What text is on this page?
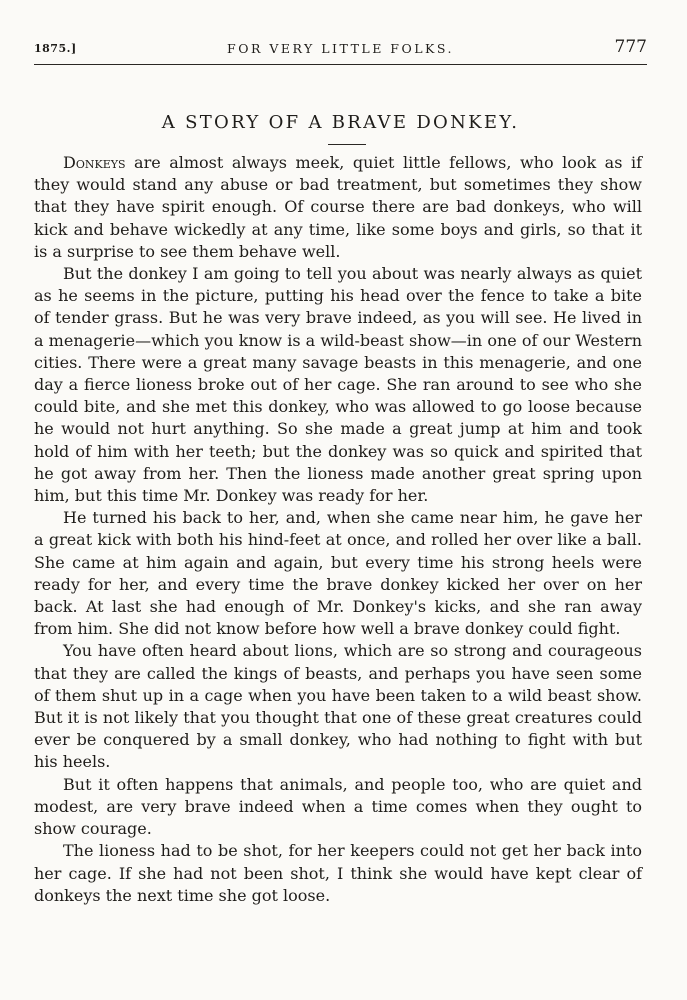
1875.]	FOR VERY LITTLE FOLKS.	777
A STORY OF A BRAVE DONKEY.

Donkeys are almost always meek, quiet little fellows, who look as if they would stand any abuse or bad treatment, but sometimes they show that they have spirit enough. Of course there are bad donkeys, who will kick and behave wickedly at any time, like some boys and girls, so that it is a surprise to see them behave well.

But the donkey I am going to tell you about was nearly always as quiet as he seems in the picture, putting his head over the fence to take a bite of tender grass. But he was very brave indeed, as you will see. He lived in a menagerie—which you know is a wild-beast show—in one of our Western cities. There were a great many savage beasts in this menagerie, and one day a fierce lioness broke out of her cage. She ran around to see who she could bite, and she met this donkey, who was allowed to go loose because he would not hurt anything. So she made a great jump at him and took hold of him with her teeth; but the donkey was so quick and spirited that he got away from her. Then the lioness made another great spring upon him, but this time Mr. Donkey was ready for her.

He turned his back to her, and, when she came near him, he gave her a great kick with both his hind-feet at once, and rolled her over like a ball. She came at him again and again, but every time his strong heels were ready for her, and every time the brave donkey kicked her over on her back. At last she had enough of Mr. Donkey's kicks, and she ran away from him. She did not know before how well a brave donkey could fight.

You have often heard about lions, which are so strong and courageous that they are called the kings of beasts, and perhaps you have seen some of them shut up in a cage when you have been taken to a wild beast show. But it is not likely that you thought that one of these great creatures could ever be conquered by a small donkey, who had nothing to fight with but his heels.

But it often happens that animals, and people too, who are quiet and modest, are very brave indeed when a time comes when they ought to show courage.

The lioness had to be shot, for her keepers could not get her back into her cage. If she had not been shot, I think she would have kept clear of donkeys the next time she got loose.
